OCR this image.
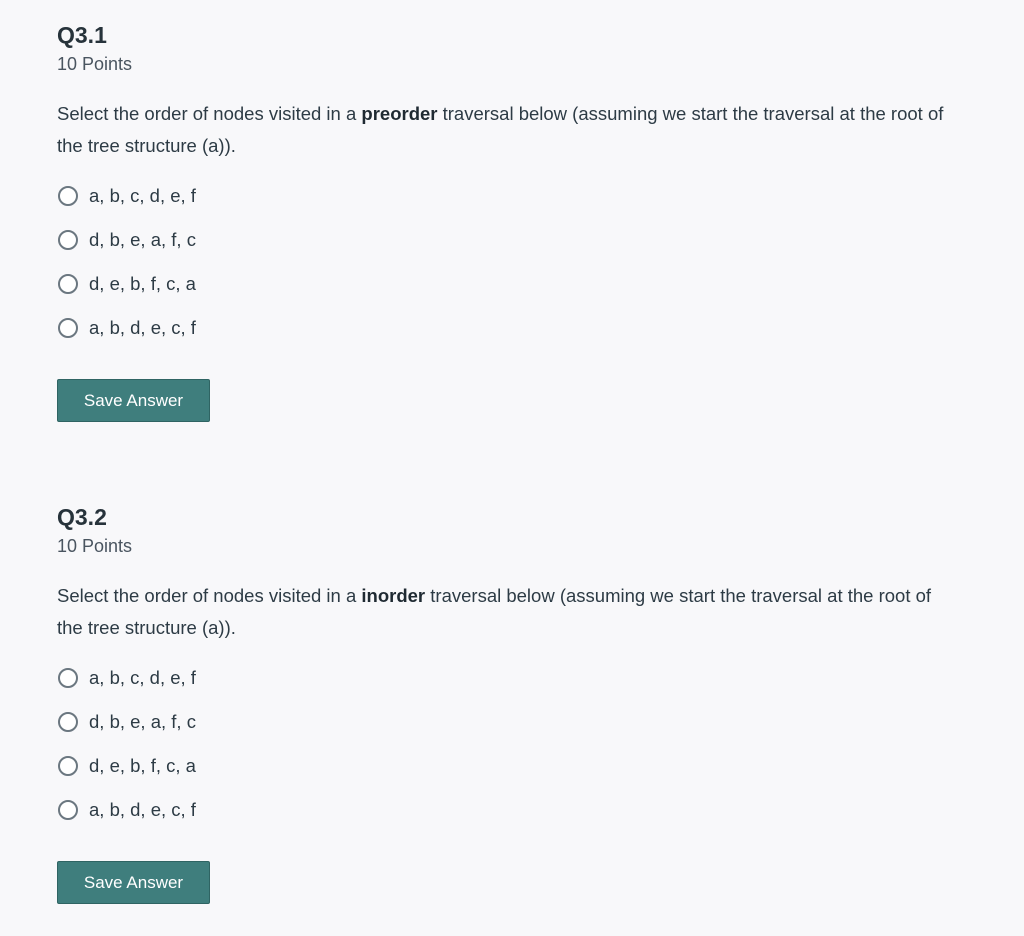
Q3.1
10 Points
Select the order of nodes visited in a preorder traversal below (assuming we start the traversal at the root of the tree structure (a)).
a, b, c, d, e, f
d, b, e, a, f, c
d, e, b, f, c, a
a, b, d, e, c, f
Save Answer
Q3.2
10 Points
Select the order of nodes visited in a inorder traversal below (assuming we start the traversal at the root of the tree structure (a)).
a, b, c, d, e, f
d, b, e, a, f, c
d, e, b, f, c, a
a, b, d, e, c, f
Save Answer
